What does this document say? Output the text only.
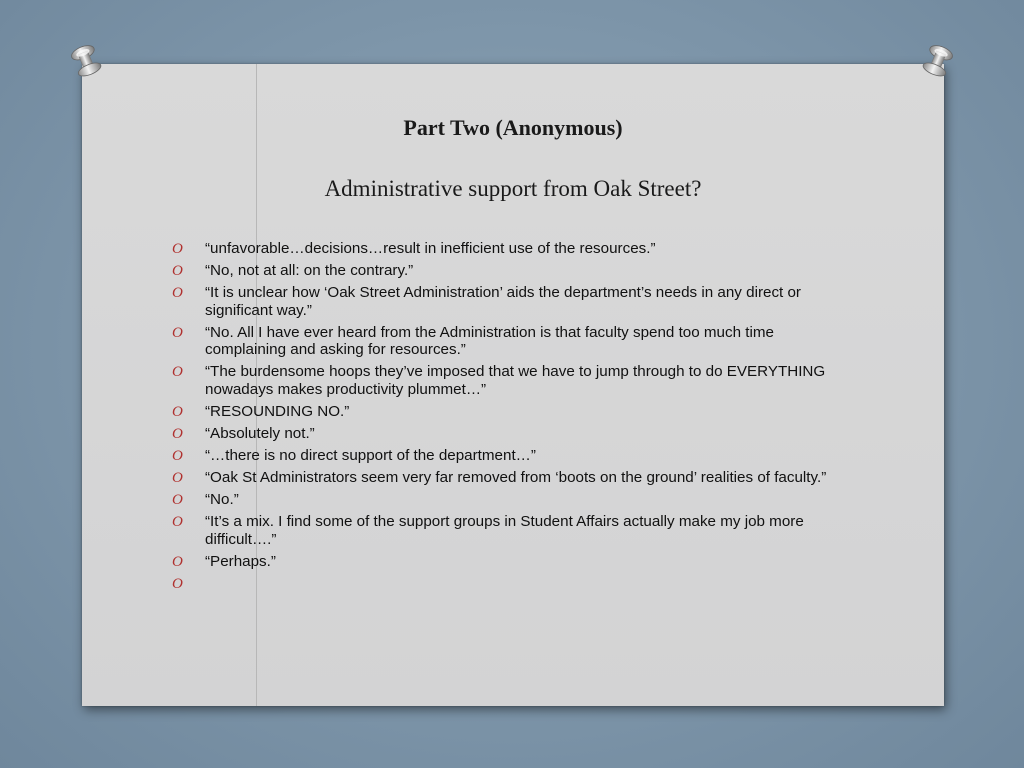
Part Two (Anonymous)
Administrative support from Oak Street?
O “unfavorable…decisions…result in inefficient use of the resources.”
O “No, not at all: on the contrary.”
O “It is unclear how ‘Oak Street Administration’ aids the department’s needs in any direct or significant way.”
O “No. All I have ever heard from the Administration is that faculty spend too much time complaining and asking for resources.”
O “The burdensome hoops they’ve imposed that we have to jump through to do EVERYTHING nowadays makes productivity plummet…”
O “RESOUNDING NO.”
O “Absolutely not.”
O “…there is no direct support of the department…”
O “Oak St Administrators seem very far removed from ‘boots on the ground’ realities of faculty.”
O “No.”
O “It’s a mix. I find some of the support groups in Student Affairs actually make my job more difficult….”
O “Perhaps.”
O
